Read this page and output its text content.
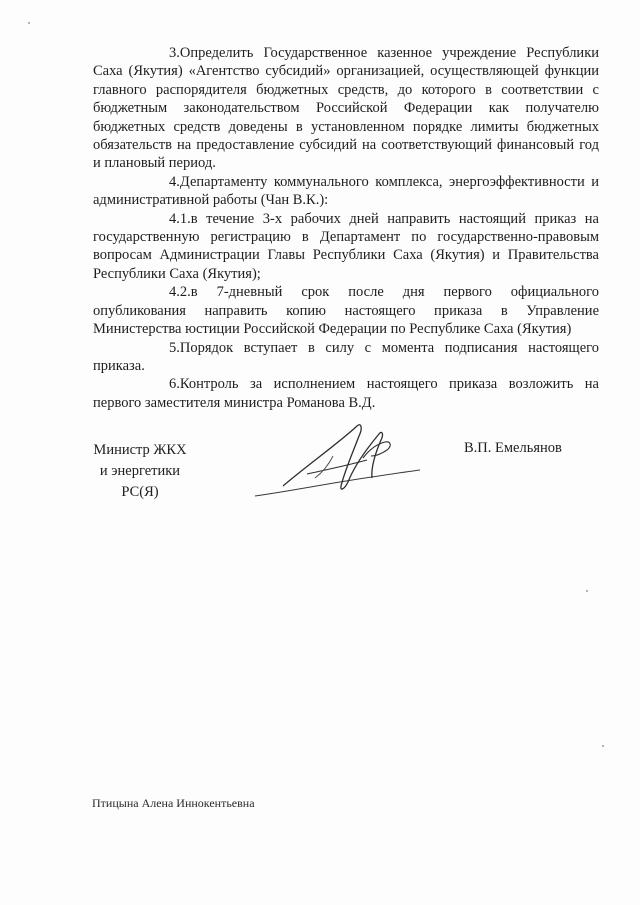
3.Определить Государственное казенное учреждение Республики Саха (Якутия) «Агентство субсидий» организацией, осуществляющей функции главного распорядителя бюджетных средств, до которого в соответствии с бюджетным законодательством Российской Федерации как получателю бюджетных средств доведены в установленном порядке лимиты бюджетных обязательств на предоставление субсидий на соответствующий финансовый год и плановый период.

4.Департаменту коммунального комплекса, энергоэффективности и административной работы (Чан В.К.):

4.1.в течение 3-х рабочих дней направить настоящий приказ на государственную регистрацию в Департамент по государственно-правовым вопросам Администрации Главы Республики Саха (Якутия) и Правительства Республики Саха (Якутия);

4.2.в 7-дневный срок после дня первого официального опубликования направить копию настоящего приказа в Управление Министерства юстиции Российской Федерации по Республике Саха (Якутия)

5.Порядок вступает в силу с момента подписания настоящего приказа.

6.Контроль за исполнением настоящего приказа возложить на первого заместителя министра Романова В.Д.

Министр ЖКХ
и энергетики
РС(Я)
В.П. Емельянов
Птицына Алена Иннокентьевна
